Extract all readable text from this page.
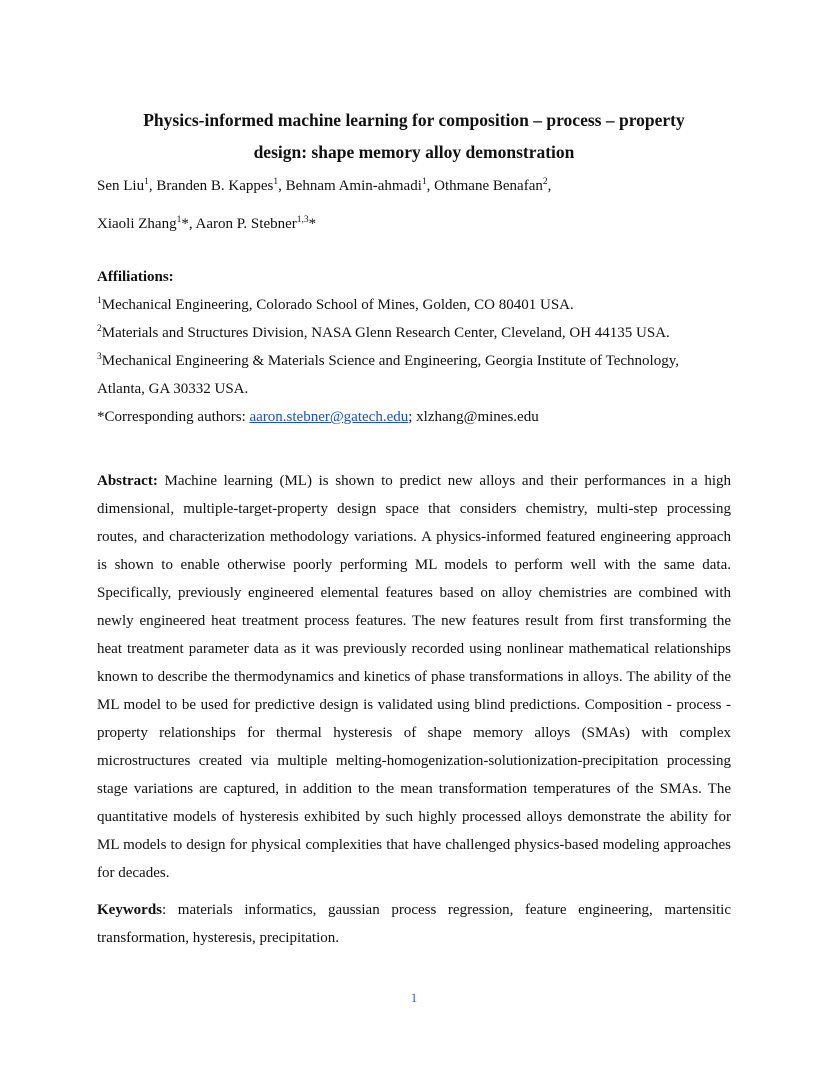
Physics-informed machine learning for composition – process – property
design: shape memory alloy demonstration
Sen Liu$^1$, Branden B. Kappes$^1$, Behnam Amin-ahmadi$^1$, Othmane Benafan$^2$,
Xiaoli Zhang$^1$*, Aaron P. Stebner$^{1,3}$*
Affiliations:
$^1$Mechanical Engineering, Colorado School of Mines, Golden, CO 80401 USA.
$^2$Materials and Structures Division, NASA Glenn Research Center, Cleveland, OH 44135 USA.
$^3$Mechanical Engineering & Materials Science and Engineering, Georgia Institute of Technology,
Atlanta, GA 30332 USA.
*Corresponding authors: aaron.stebner@gatech.edu; xlzhang@mines.edu
Abstract: Machine learning (ML) is shown to predict new alloys and their performances in a high dimensional, multiple-target-property design space that considers chemistry, multi-step processing routes, and characterization methodology variations. A physics-informed featured engineering approach is shown to enable otherwise poorly performing ML models to perform well with the same data. Specifically, previously engineered elemental features based on alloy chemistries are combined with newly engineered heat treatment process features. The new features result from first transforming the heat treatment parameter data as it was previously recorded using nonlinear mathematical relationships known to describe the thermodynamics and kinetics of phase transformations in alloys. The ability of the ML model to be used for predictive design is validated using blind predictions. Composition - process - property relationships for thermal hysteresis of shape memory alloys (SMAs) with complex microstructures created via multiple melting-homogenization-solutionization-precipitation processing stage variations are captured, in addition to the mean transformation temperatures of the SMAs. The quantitative models of hysteresis exhibited by such highly processed alloys demonstrate the ability for ML models to design for physical complexities that have challenged physics-based modeling approaches for decades.
Keywords: materials informatics, gaussian process regression, feature engineering, martensitic transformation, hysteresis, precipitation.
1
